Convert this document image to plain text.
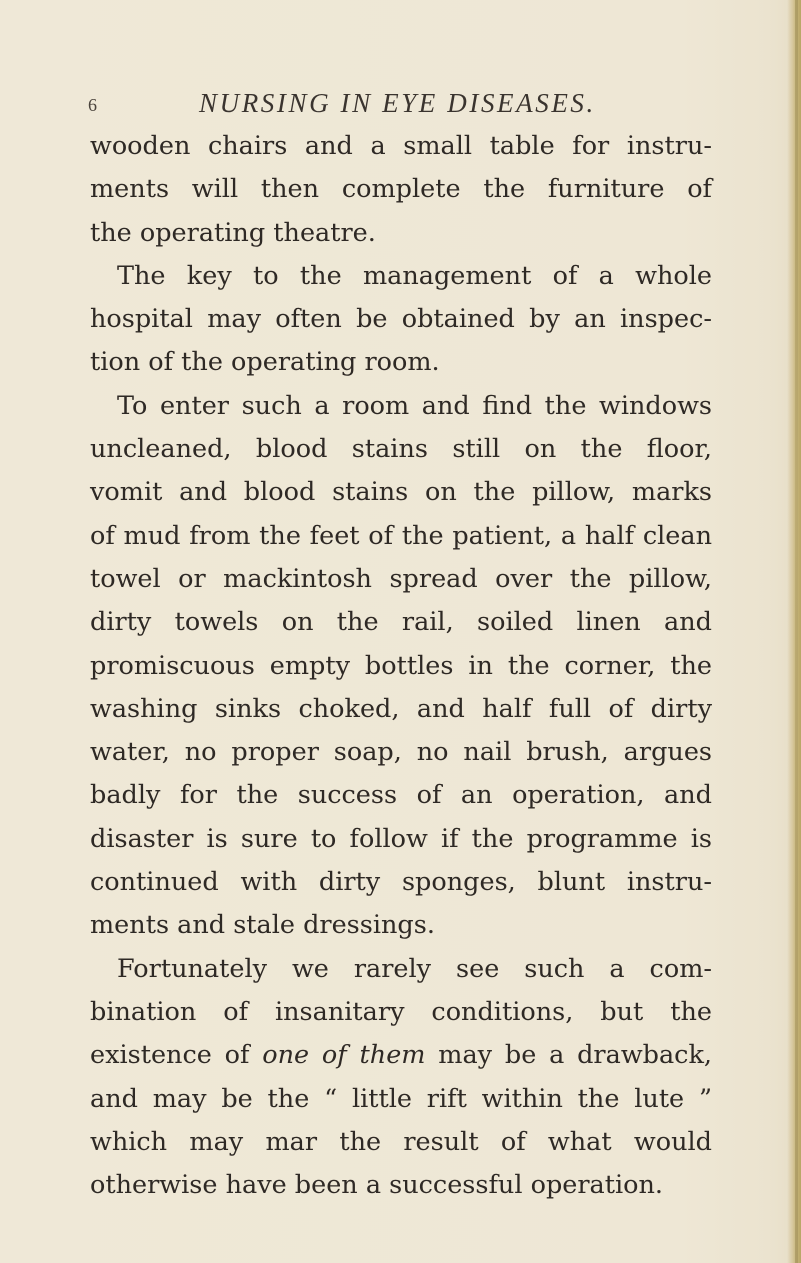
6	NURSING IN EYE DISEASES.
wooden chairs and a small table for instru-
ments will then complete the furniture of
the operating theatre.
The key to the management of a whole
hospital may often be obtained by an inspec-
tion of the operating room.
To enter such a room and find the windows
uncleaned, blood stains still on the floor,
vomit and blood stains on the pillow, marks
of mud from the feet of the patient, a half clean
towel or mackintosh spread over the pillow,
dirty towels on the rail, soiled linen and
promiscuous empty bottles in the corner, the
washing sinks choked, and half full of dirty
water, no proper soap, no nail brush, argues
badly for the success of an operation, and
disaster is sure to follow if the programme is
continued with dirty sponges, blunt instru-
ments and stale dressings.
Fortunately we rarely see such a com-
bination of insanitary conditions, but the
existence of one of them may be a drawback,
and may be the “ little rift within the lute ”
which may mar the result of what would
otherwise have been a successful operation.
